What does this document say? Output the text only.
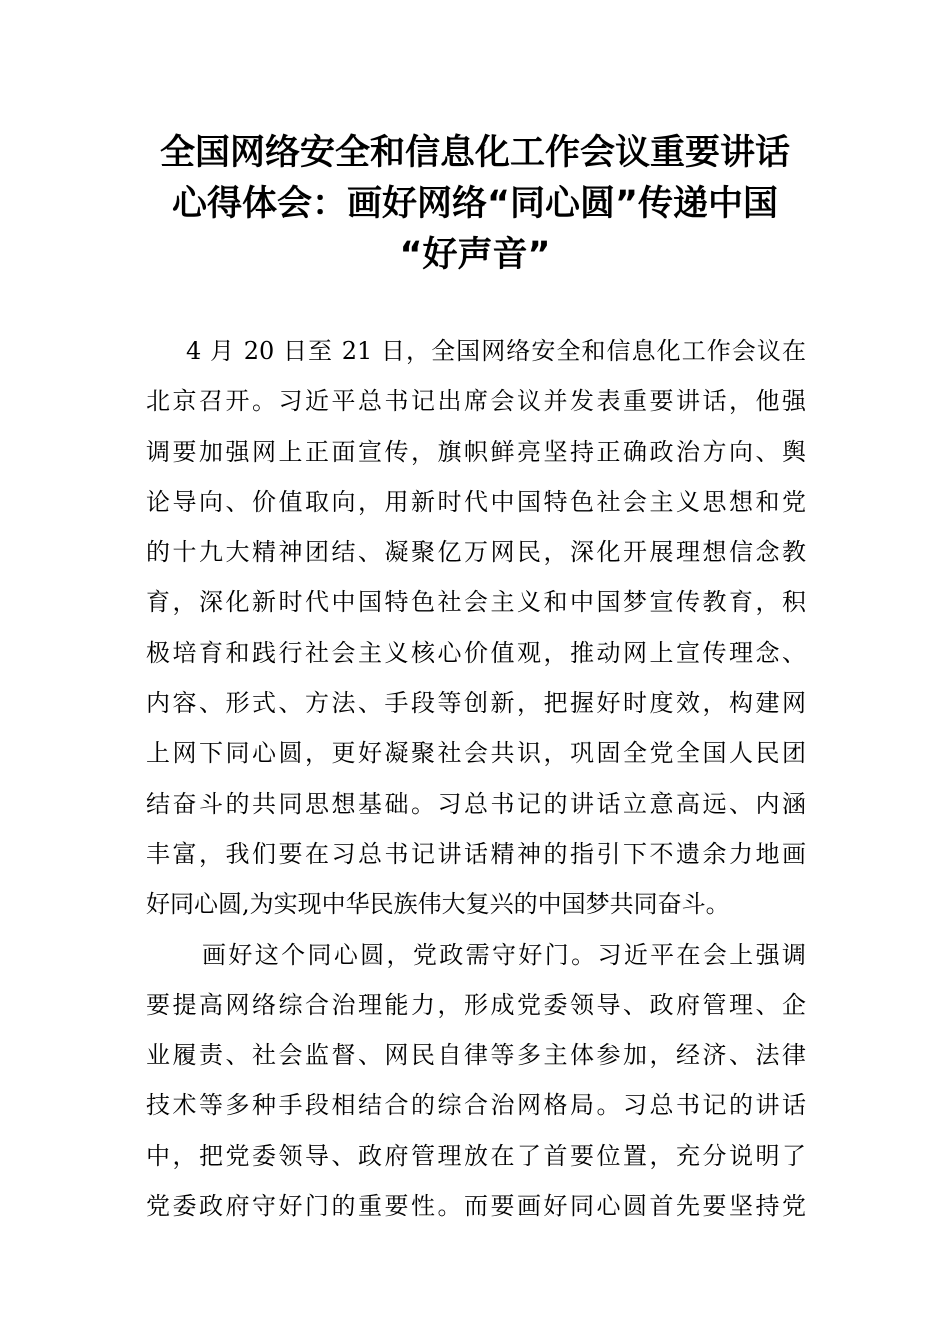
全国网络安全和信息化工作会议重要讲话
心得体会：画好网络“同心圆”传递中国
“好声音”
4 月 20 日至 21 日，全国网络安全和信息化工作会议在
北京召开。习近平总书记出席会议并发表重要讲话，他强
调要加强网上正面宣传，旗帜鲜亮坚持正确政治方向、舆
论导向、价值取向，用新时代中国特色社会主义思想和党
的十九大精神团结、凝聚亿万网民，深化开展理想信念教
育，深化新时代中国特色社会主义和中国梦宣传教育，积
极培育和践行社会主义核心价值观，推动网上宣传理念、
内容、形式、方法、手段等创新，把握好时度效，构建网
上网下同心圆，更好凝聚社会共识，巩固全党全国人民团
结奋斗的共同思想基础。习总书记的讲话立意高远、内涵
丰富，我们要在习总书记讲话精神的指引下不遗余力地画
好同心圆,为实现中华民族伟大复兴的中国梦共同奋斗。
画好这个同心圆，党政需守好门。习近平在会上强调
要提高网络综合治理能力，形成党委领导、政府管理、企
业履责、社会监督、网民自律等多主体参加，经济、法律
技术等多种手段相结合的综合治网格局。习总书记的讲话
中，把党委领导、政府管理放在了首要位置，充分说明了
党委政府守好门的重要性。而要画好同心圆首先要坚持党
